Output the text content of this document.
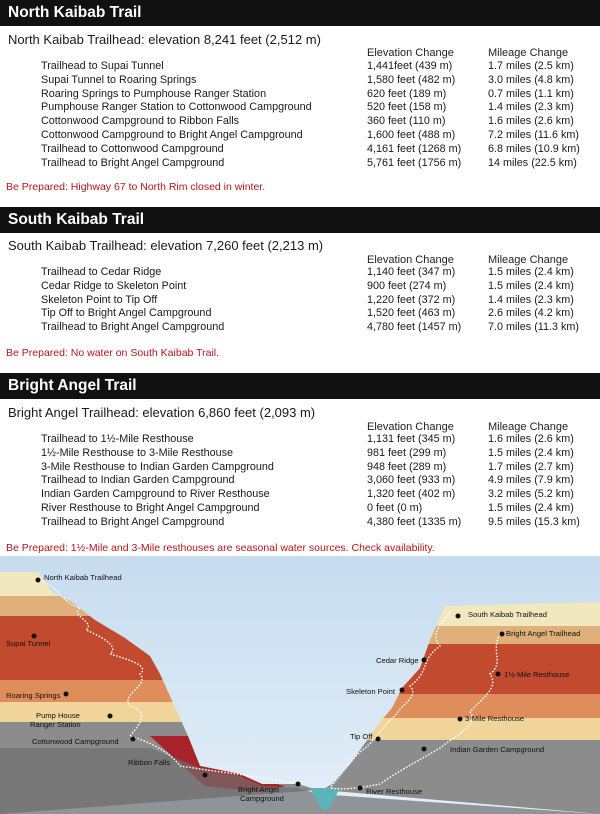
North Kaibab Trail
North Kaibab Trailhead: elevation 8,241 feet (2,512 m)
Elevation Change	Mileage Change
Trailhead to Supai Tunnel	1,441feet (439 m)	1.7 miles (2.5 km)
Supai Tunnel to Roaring Springs	1,580 feet (482 m)	3.0 miles (4.8 km)
Roaring Springs to Pumphouse Ranger Station	620 feet (189 m)	0.7 miles (1.1 km)
Pumphouse Ranger Station to Cottonwood Campground	520 feet (158 m)	1.4 miles (2.3 km)
Cottonwood Campground to Ribbon Falls	360 feet (110 m)	1.6 miles (2.6 km)
Cottonwood Campground to Bright Angel Campground	1,600 feet (488 m)	7.2 miles (11.6 km)
Trailhead to Cottonwood Campground	4,161 feet (1268 m) 6.8 miles (10.9 km)
Trailhead to Bright Angel Campground	5,761 feet (1756 m) 14 miles (22.5 km)
Be Prepared: Highway 67 to North Rim closed in winter.
South Kaibab Trail
South Kaibab Trailhead: elevation 7,260 feet (2,213 m)
Elevation Change	Mileage Change
Trailhead to Cedar Ridge	1,140 feet (347 m)	1.5 miles (2.4 km)
Cedar Ridge to Skeleton Point	900 feet (274 m)	1.5 miles (2.4 km)
Skeleton Point to Tip Off	1,220 feet (372 m)	1.4 miles (2.3 km)
Tip Off to Bright Angel Campground	1,520 feet (463 m)	2.6 miles (4.2 km)
Trailhead to Bright Angel Campground	4,780 feet (1457 m) 7.0 miles (11.3 km)
Be Prepared: No water on South Kaibab Trail.
Bright Angel Trail
Bright Angel Trailhead: elevation 6,860 feet (2,093 m)
Elevation Change	Mileage Change
Trailhead to 1½-Mile Resthouse	1,131 feet (345 m)	1.6 miles (2.6 km)
1½-Mile Resthouse to 3-Mile Resthouse	981 feet (299 m)	1.5 miles (2.4 km)
3-Mile Resthouse to Indian Garden Campground	948 feet (289 m)	1.7 miles (2.7 km)
Trailhead to Indian Garden Campground	3,060 feet (933 m)	4.9 miles (7.9 km)
Indian Garden Campground to River Resthouse	1,320 feet (402 m)	3.2 miles (5.2 km)
River Resthouse to Bright Angel Campground	0 feet (0 m)	1.5 miles (2.4 km)
Trailhead to Bright Angel Campground	4,380 feet (1335 m) 9.5 miles (15.3 km)
Be Prepared: 1½-Mile and 3-Mile resthouses are seasonal water sources. Check availability.
North Kaibab Trailhead
Supai Tunnel
Roaring Springs
Pump House
Ranger Station
Cottonwood Campground
Ribbon Falls
Bright Angel
Campground
River Resthouse
South Kaibab Trailhead
Bright Angel Trailhead
Cedar Ridge
1½-Mile Resthouse
Skeleton Point
3-Mile Resthouse
Tip Off
Indian Garden Campground
